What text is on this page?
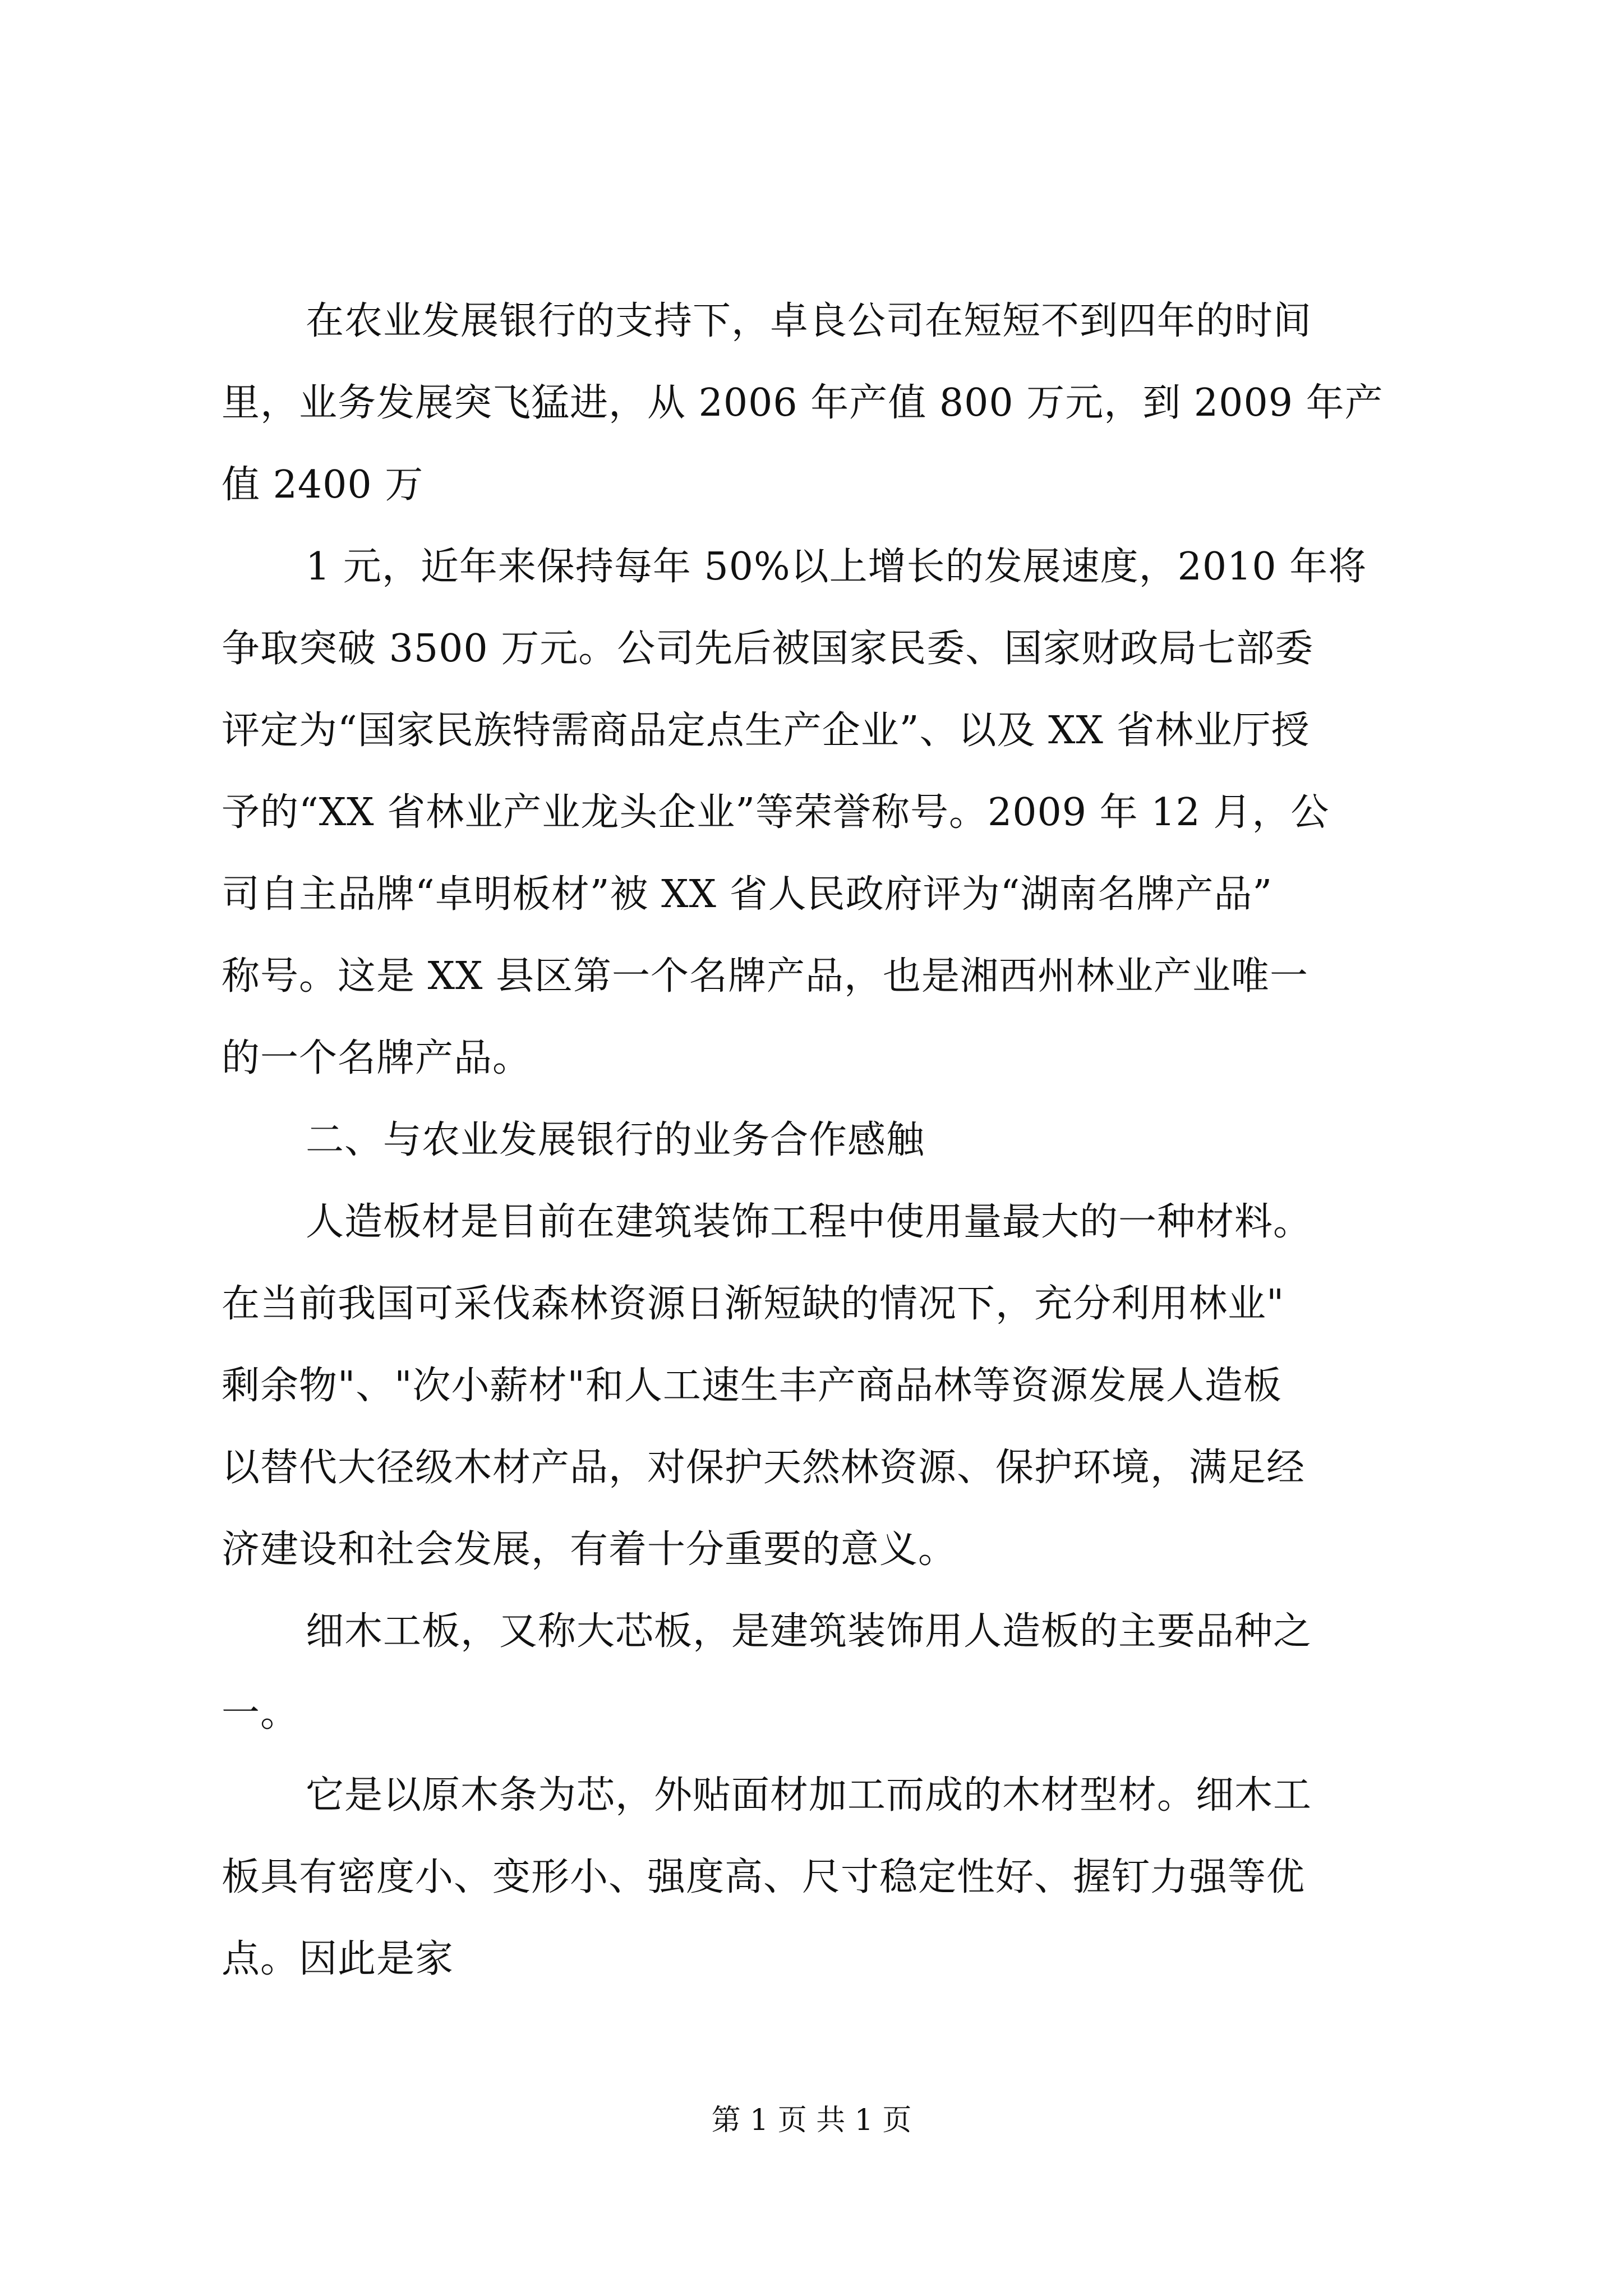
在农业发展银行的支持下，卓良公司在短短不到四年的时间
里，业务发展突飞猛进，从 2006 年产值 800 万元，到 2009 年产
值 2400 万
1 元，近年来保持每年 50%以上增长的发展速度，2010 年将
争取突破 3500 万元。公司先后被国家民委、国家财政局七部委
评定为“国家民族特需商品定点生产企业”、以及 XX 省林业厅授
予的“XX 省林业产业龙头企业”等荣誉称号。2009 年 12 月，公
司自主品牌“卓明板材”被 XX 省人民政府评为“湖南名牌产品”
称号。这是 XX 县区第一个名牌产品，也是湘西州林业产业唯一
的一个名牌产品。
二、与农业发展银行的业务合作感触
人造板材是目前在建筑装饰工程中使用量最大的一种材料。
在当前我国可采伐森林资源日渐短缺的情况下，充分利用林业"
剩余物"、"次小薪材"和人工速生丰产商品林等资源发展人造板
以替代大径级木材产品，对保护天然林资源、保护环境，满足经
济建设和社会发展，有着十分重要的意义。
细木工板，又称大芯板，是建筑装饰用人造板的主要品种之
一。
它是以原木条为芯，外贴面材加工而成的木材型材。细木工
板具有密度小、变形小、强度高、尺寸稳定性好、握钉力强等优
点。因此是家
第 1 页 共 1 页
